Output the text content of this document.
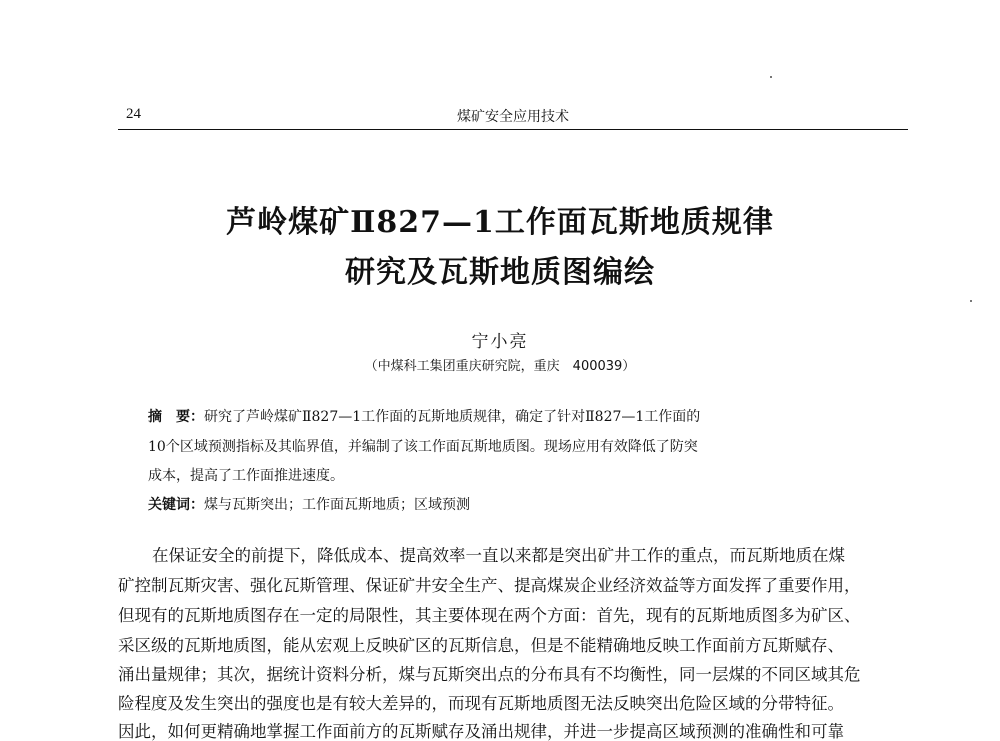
24	煤矿安全应用技术
芦岭煤矿Ⅱ827—1工作面瓦斯地质规律
研究及瓦斯地质图编绘
宁小亮
（中煤科工集团重庆研究院，重庆　400039）
摘　要：研究了芦岭煤矿Ⅱ827—1工作面的瓦斯地质规律，确定了针对Ⅱ827—1工作面的
10个区域预测指标及其临界值，并编制了该工作面瓦斯地质图。现场应用有效降低了防突
成本，提高了工作面推进速度。
关键词：煤与瓦斯突出；工作面瓦斯地质；区域预测
在保证安全的前提下，降低成本、提高效率一直以来都是突出矿井工作的重点，而瓦斯地质在煤
矿控制瓦斯灾害、强化瓦斯管理、保证矿井安全生产、提高煤炭企业经济效益等方面发挥了重要作用，
但现有的瓦斯地质图存在一定的局限性，其主要体现在两个方面：首先，现有的瓦斯地质图多为矿区、
采区级的瓦斯地质图，能从宏观上反映矿区的瓦斯信息，但是不能精确地反映工作面前方瓦斯赋存、
涌出量规律；其次，据统计资料分析，煤与瓦斯突出点的分布具有不均衡性，同一层煤的不同区域其危
险程度及发生突出的强度也是有较大差异的，而现有瓦斯地质图无法反映突出危险区域的分带特征。
因此，如何更精确地掌握工作面前方的瓦斯赋存及涌出规律，并进一步提高区域预测的准确性和可靠
